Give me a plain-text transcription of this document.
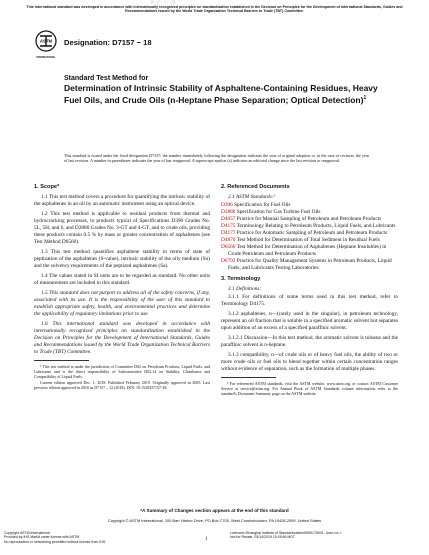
This international standard was developed in accordance with internationally recognized principles on standardization established in the Decision on Principles for the Development of International Standards, Guides and Recommendations issued by the World Trade Organization Technical Barriers to Trade (TBT) Committee.
新·什·小 ·助
ASTM
INTERNATIONAL
Designation: D7157 − 18
Standard Test Method for
Determination of Intrinsic Stability of Asphaltene-Containing Residues, Heavy Fuel Oils, and Crude Oils (n-Heptane Phase Separation; Optical Detection)$^1$
This standard is issued under the fixed designation D7157; the number immediately following the designation indicates the year of original adoption or, in the case of revision, the year of last revision. A number in parentheses indicates the year of last reapproval. A superscript epsilon (ε) indicates an editorial change since the last revision or reapproval.
1. Scope*

1.1 This test method covers a procedure for quantifying the intrinsic stability of the asphaltenes in an oil by an automatic instrument using an optical device.

1.2 This test method is applicable to residual products from thermal and hydrocracking processes, to products typical of Specifications D396 Grades No. 5L, 5H, and 6, and D2880 Grades No. 3-GT and 4-GT, and to crude oils, providing these products contain 0.5 % by mass or greater concentration of asphaltenes (see Test Method D6560).

1.3 This test method quantifies asphaltene stability in terms of state of peptization of the asphaltenes (S-value), intrinsic stability of the oily medium (So) and the solvency requirements of the peptized asphaltenes (Sa).

1.4 The values stated in SI units are to be regarded as standard. No other units of measurement are included in this standard.

1.5 This standard does not purport to address all of the safety concerns, if any, associated with its use. It is the responsibility of the user of this standard to establish appropriate safety, health, and environmental practices and determine the applicability of regulatory limitations prior to use.

1.6 This international standard was developed in accordance with internationally recognized principles on standardization established in the Decision on Principles for the Development of International Standards, Guides and Recommendations issued by the World Trade Organization Technical Barriers to Trade (TBT) Committee.

¹ This test method is under the jurisdiction of Committee D02 on Petroleum Products, Liquid Fuels, and Lubricants and is the direct responsibility of Subcommittee D02.14 on Stability, Cleanliness and Compatibility of Liquid Fuels.

Current edition approved Dec. 1, 2018. Published February 2019. Originally approved in 2005. Last previous edition approved in 2018 as D7157 – 12 (2018). DOI: 10.1520/D7157-18.

2. Referenced Documents

2.1 ASTM Standards:²

D396 Specification for Fuel Oils

D2880 Specification for Gas Turbine Fuel Oils

D4057 Practice for Manual Sampling of Petroleum and Petroleum Products

D4175 Terminology Relating to Petroleum Products, Liquid Fuels, and Lubricants

D4177 Practice for Automatic Sampling of Petroleum and Petroleum Products

D4870 Test Method for Determination of Total Sediment in Residual Fuels

D6560 Test Method for Determination of Asphaltenes (Heptane Insolubles) in Crude Petroleum and Petroleum Products

D6792 Practice for Quality Management Systems in Petroleum Products, Liquid Fuels, and Lubricants Testing Laboratories

3. Terminology

3.1 Definitions:

3.1.1 For definitions of some terms used in this test method, refer to Terminology D4175.

3.1.2 asphaltenes, n—(rarely used in the singular), in petroleum technology, represent an oil fraction that is soluble in a specified aromatic solvent but separates upon addition of an excess of a specified paraffinic solvent.

3.1.2.1 Discussion—In this test method, the aromatic solvent is toluene and the paraffinic solvent is n-heptane.

3.1.3 compatibility, n—of crude oils or of heavy fuel oils, the ability of two or more crude oils or fuel oils to blend together within certain concentration ranges without evidence of separation, such as the formation of multiple phases.

² For referenced ASTM standards, visit the ASTM website, www.astm.org, or contact ASTM Customer Service at service@astm.org. For Annual Book of ASTM Standards volume information, refer to the standard's Document Summary page on the ASTM website.

*A Summary of Changes section appears at the end of this standard
Copyright © ASTM International, 100 Barr Harbor Drive, PO Box C700, West Conshohocken, PA 19428-2959. United States
Copyright ASTM International
Provided by IHS Markit under license with ASTM
No reproduction or networking permitted without license from IHS	1
Licensee=Shanghai Institute of Standardization/5959176001, User=xx, r
Not for Resale, 03/14/2019 19:26:56 MDT
